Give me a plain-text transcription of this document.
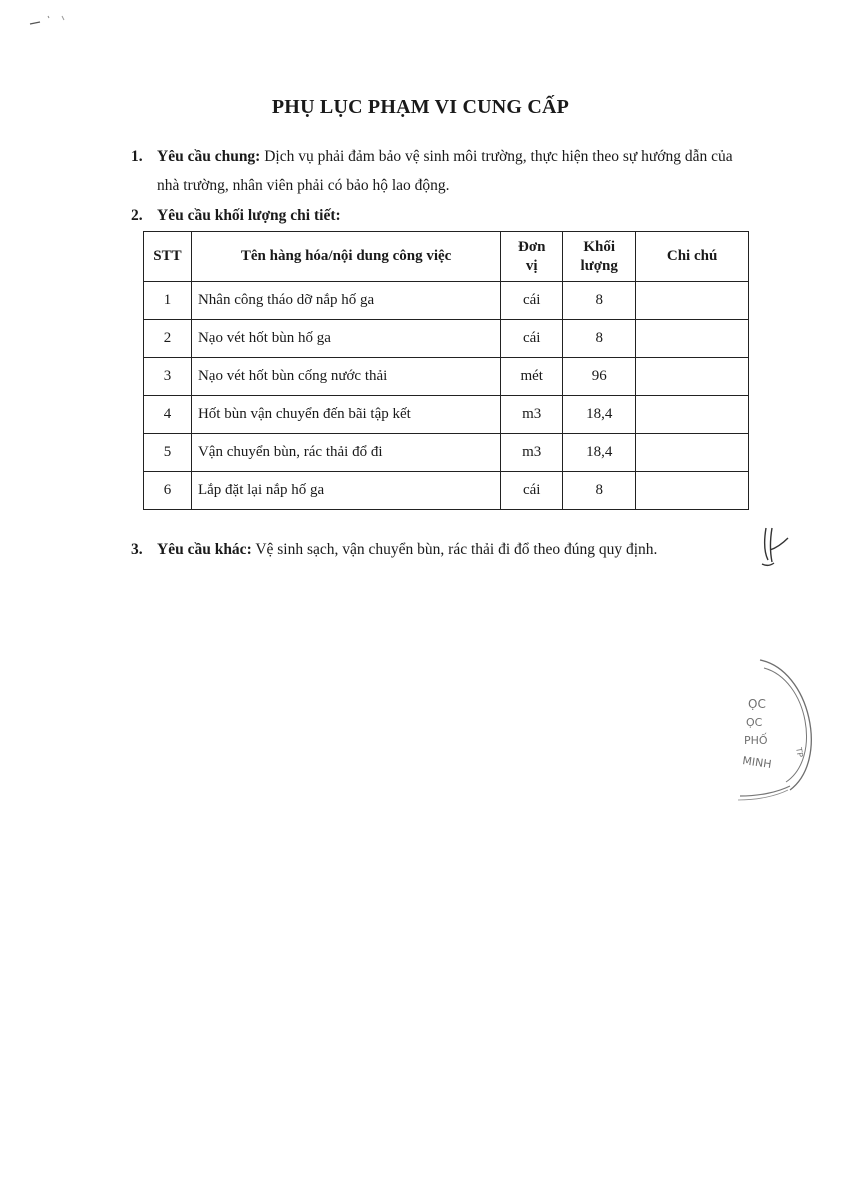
PHỤ LỤC PHẠM VI CUNG CẤP
1. Yêu cầu chung: Dịch vụ phải đảm bảo vệ sinh môi trường, thực hiện theo sự hướng dẫn của nhà trường, nhân viên phải có bảo hộ lao động.
2. Yêu cầu khối lượng chi tiết:
STT	Tên hàng hóa/nội dung công việc	Đơn vị	Khối lượng	Chi chú
1	Nhân công tháo dỡ nắp hố ga	cái	8	
2	Nạo vét hốt bùn hố ga	cái	8	
3	Nạo vét hốt bùn cống nước thải	mét	96	
4	Hốt bùn vận chuyển đến bãi tập kết	m3	18,4	
5	Vận chuyển bùn, rác thải đổ đi	m3	18,4	
6	Lắp đặt lại nắp hố ga	cái	8	
3. Yêu cầu khác: Vệ sinh sạch, vận chuyển bùn, rác thải đi đổ theo đúng quy định.
ỌC
ỌC
PHỐ
MINH
TP
